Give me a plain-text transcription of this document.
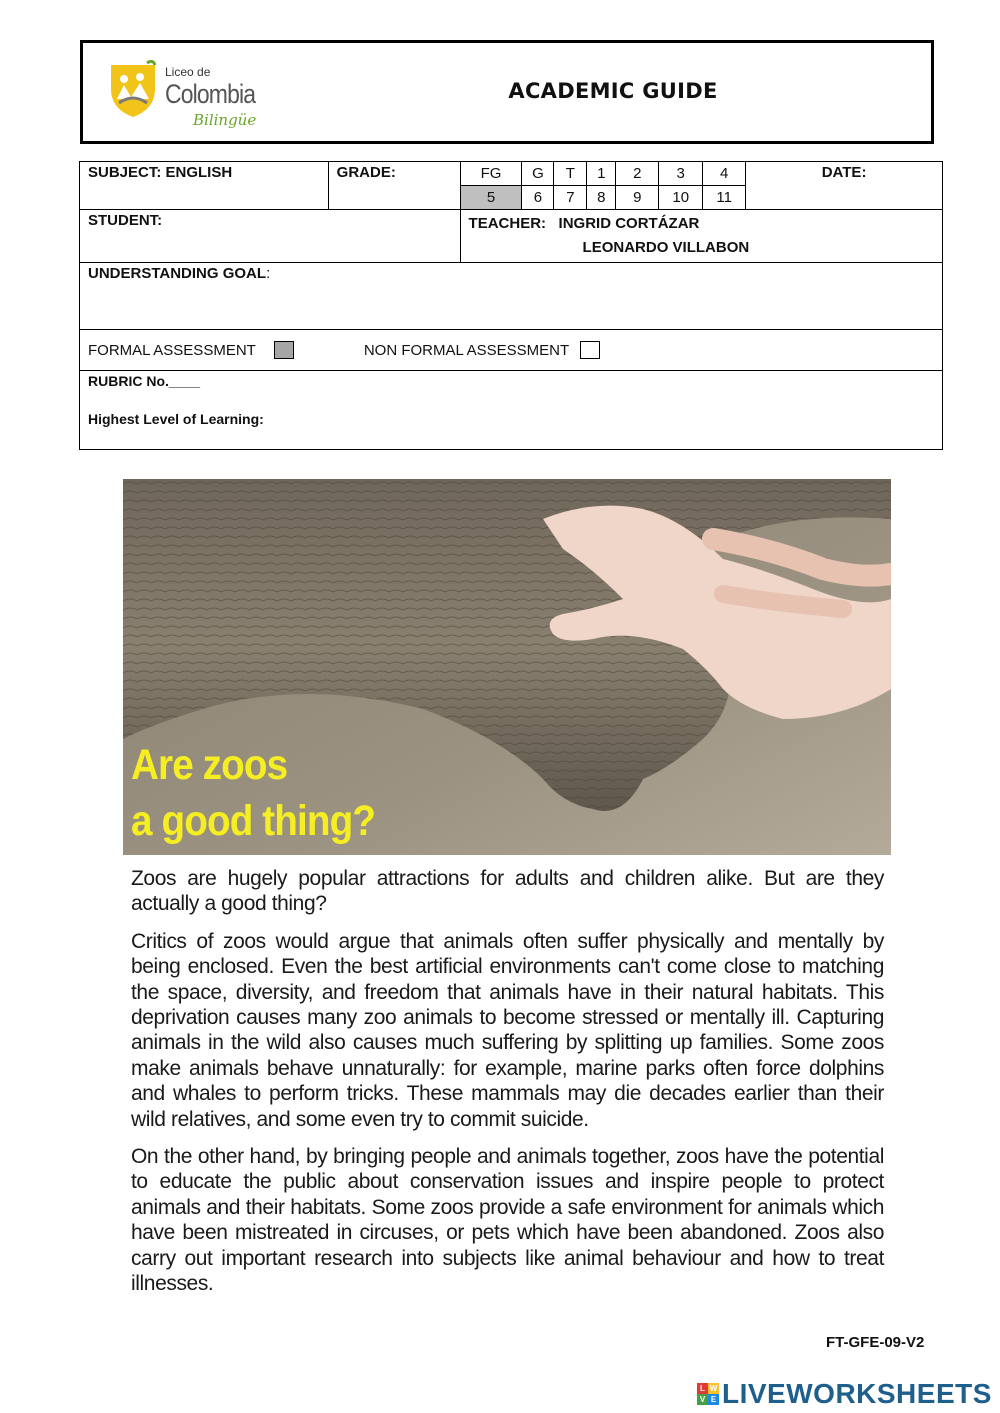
Liceo de
Colombia
Bilingüe
ACADEMIC GUIDE
SUBJECT: ENGLISH	GRADE:	FG	G	T	1	2	3	4	DATE:
		5	6	7	8	9	10	11	
STUDENT:		TEACHER: INGRID CORTÁZAR
LEONARDO VILLABON							
UNDERSTANDING GOAL:									

FORMAL ASSESSMENT NON FORMAL ASSESSMENT									

RUBRIC No.____
Highest Level of Learning:									
Are zoos
a good thing?

Zoos are hugely popular attractions for adults and children alike. But are they actually a good thing?

Critics of zoos would argue that animals often suffer physically and mentally by being enclosed. Even the best artificial environments can't come close to matching the space, diversity, and freedom that animals have in their natural habitats. This deprivation causes many zoo animals to become stressed or mentally ill. Capturing animals in the wild also causes much suffering by splitting up families. Some zoos make animals behave unnaturally: for example, marine parks often force dolphins and whales to perform tricks. These mammals may die decades earlier than their wild relatives, and some even try to commit suicide.

On the other hand, by bringing people and animals together, zoos have the potential to educate the public about conservation issues and inspire people to protect animals and their habitats. Some zoos provide a safe environment for animals which have been mistreated in circuses, or pets which have been abandoned. Zoos also carry out important research into subjects like animal behaviour and how to treat illnesses.

FT-GFE-09-V2
L W
V E LIVEWORKSHEETS
